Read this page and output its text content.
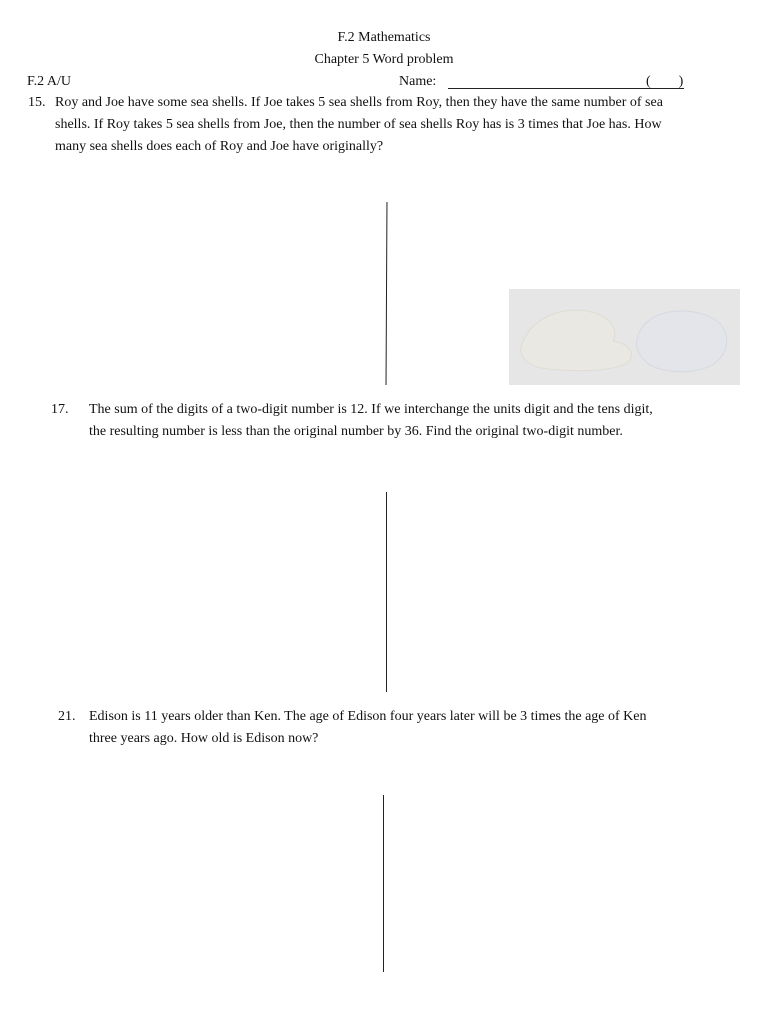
F.2 Mathematics
Chapter 5 Word problem
F.2 A/U	Name:	(        )
15. Roy and Joe have some sea shells. If Joe takes 5 sea shells from Roy, then they have the same number of sea
shells. If Roy takes 5 sea shells from Joe, then the number of sea shells Roy has is 3 times that Joe has. How
many sea shells does each of Roy and Joe have originally?
17. The sum of the digits of a two-digit number is 12. If we interchange the units digit and the tens digit,
the resulting number is less than the original number by 36. Find the original two-digit number.
21. Edison is 11 years older than Ken. The age of Edison four years later will be 3 times the age of Ken
three years ago. How old is Edison now?
